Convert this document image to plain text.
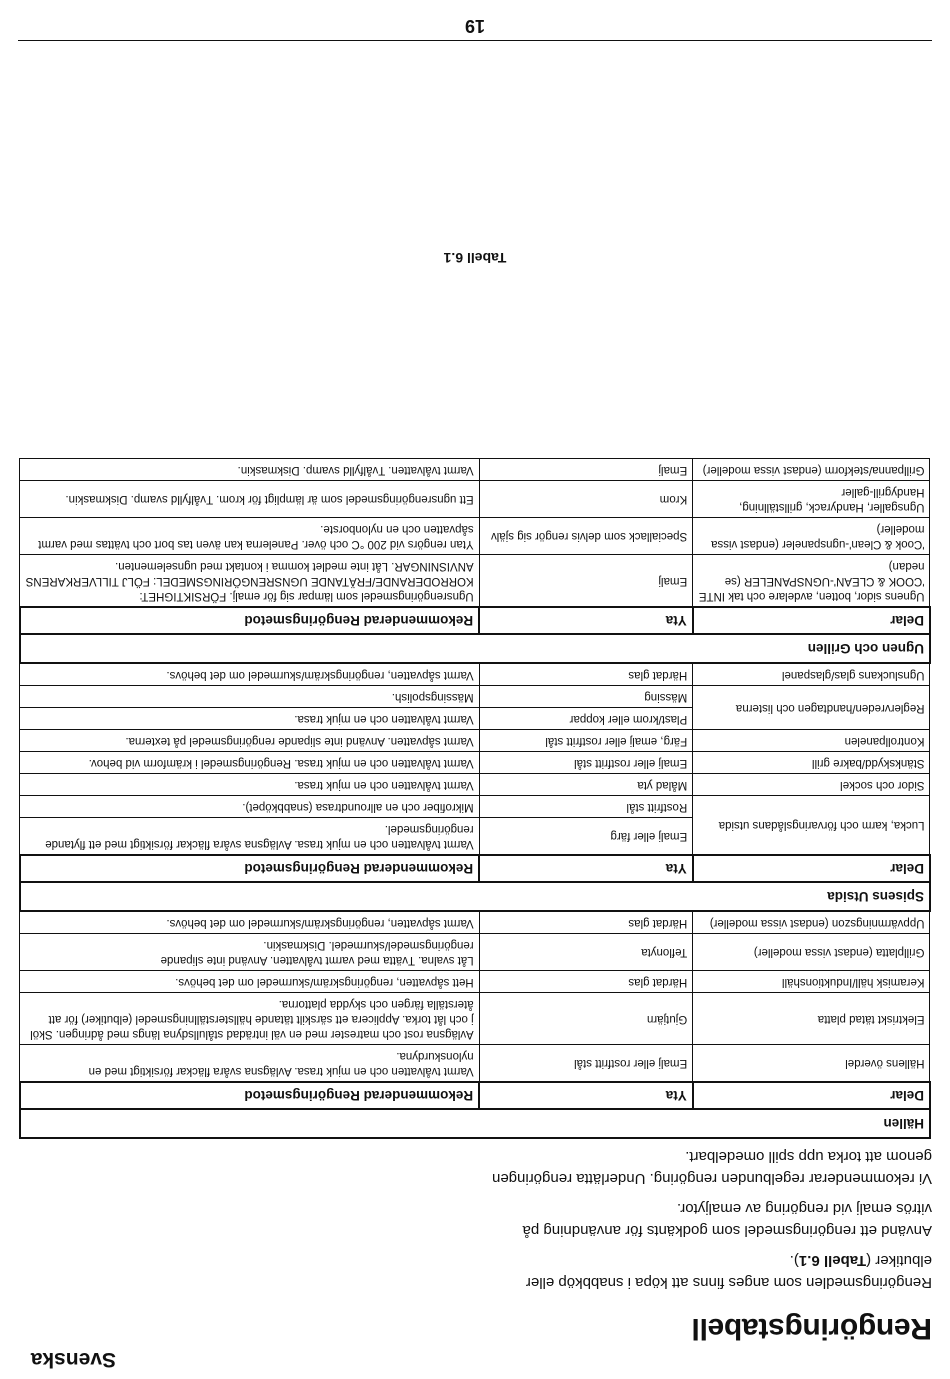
Svenska
Rengöringstabell

Rengöringsmedlen som anges finns att köpa i snabbköp eller elbutiker (Tabell 6.1).

Använd ett rengöringsmedel som godkänts för användning på vitrös emalj vid rengöring av emaljytor.

Vi rekommenderar regelbunden rengöring. Underlätta rengöringen genom att torka upp spill omedelbart.

Hällen		
Delar	Yta	Rekommenderad Rengöringsmetod
Hällens överdel	Emalj eller rostfritt stål	Varmt tvålvatten och en mjuk trasa. Avlägsna svåra fläckar försiktigt med en nylonskurdyna.
Elektriskt tätad platta	Gjutjärn	Avlägsna rost och matrester med en väl inträdad stålullsdyna längs med ådringen. Sköl j och låt torka. Applicera ett särskilt tätande hällsterställningsmedel (elbutiker) för att återställa färgen och skydda plattorna.
Keramisk häll/Induktionshäll	Härdat glas	Hett såpvatten, rengöringskräm/skurmedel om det behövs.
Grillplatta (endast vissa modeller)	Teflonyta	Låt svalna. Tvätta med varmt tvålvatten. Använd inte slipande rengöringsmedel/skurmedel. Diskmaskin.
Uppvärmningszon (endast vissa modeller)	Härdat glas	Varmt såpvatten, rengöringskräm/skurmedel om det behövs.
Spisens Utsida		
Delar	Yta	Rekommenderad Rengöringsmetod
Lucka, karm och förvaringslådans utsida	Emalj eller färg	Varmt tvålvatten och en mjuk trasa. Avlägsna svåra fläckar försiktigt med ett flytande rengöringsmedel.
	Rostfritt stål	Mikrofiber och en allroundtrasa (snabbköpet).
Sidor och sockel	Målad yta	Varmt tvålvatten och en mjuk trasa.
Stänkskydd/bakre grill	Emalj eller rostfritt stål	Varmt tvålvatten och en mjuk trasa. Rengöringsmedel i krämform vid behov.
Kontrollpanelen	Färg, emalj eller rostfritt stål	Varmt såpvatten. Använd inte slipande rengöringsmedel på texterna.
Reglervreden/handtagen och listerna	Plast/krom eller koppar	Varmt tvålvatten och en mjuk trasa.
	Mässing	Mässingspolish.
Ugnsluckans glas/glaspanel	Härdat glas	Varmt såpvatten, rengöringskräm/skurmedel om det behövs.
Ugnen och Grillen		
Delar	Yta	Rekommenderad Rengöringsmetod
Ugnens sidor, botten, avdelare och tak INTE 'COOK & CLEAN'-UGNSPANELER (se nedan)	Emalj	Ugnsrengöringsmedel som lämpar sig för emalj. FÖRSIKTIGHET: KORRODERANDE/FRÄTANDE UGNSRENGÖRINGSMEDEL: FÖLJ TILLVERKARENS ANVISNINGAR. Låt inte medlet komma i kontakt med ugnselementen.
'Cook & Clean'-ugnspaneler (endast vissa modeller)	Speciallack som delvis rengör sig själv	Ytan rengörs vid 200 °C och över. Panelerna kan även tas bort och tvättas med varmt såpvatten och en nylonborste.
Ugnsgaller, Handyrack, grillställning, Handygrill-galler	Krom	Ett ugnsrengöringsmedel som är lämpligt för krom. Tvålfylld svamp. Diskmaskin.
Grillpanna/stekform (endast vissa modeller)	Emalj	Varmt tvålvatten. Tvålfylld svamp. Diskmaskin.
Tabell 6.1
19
